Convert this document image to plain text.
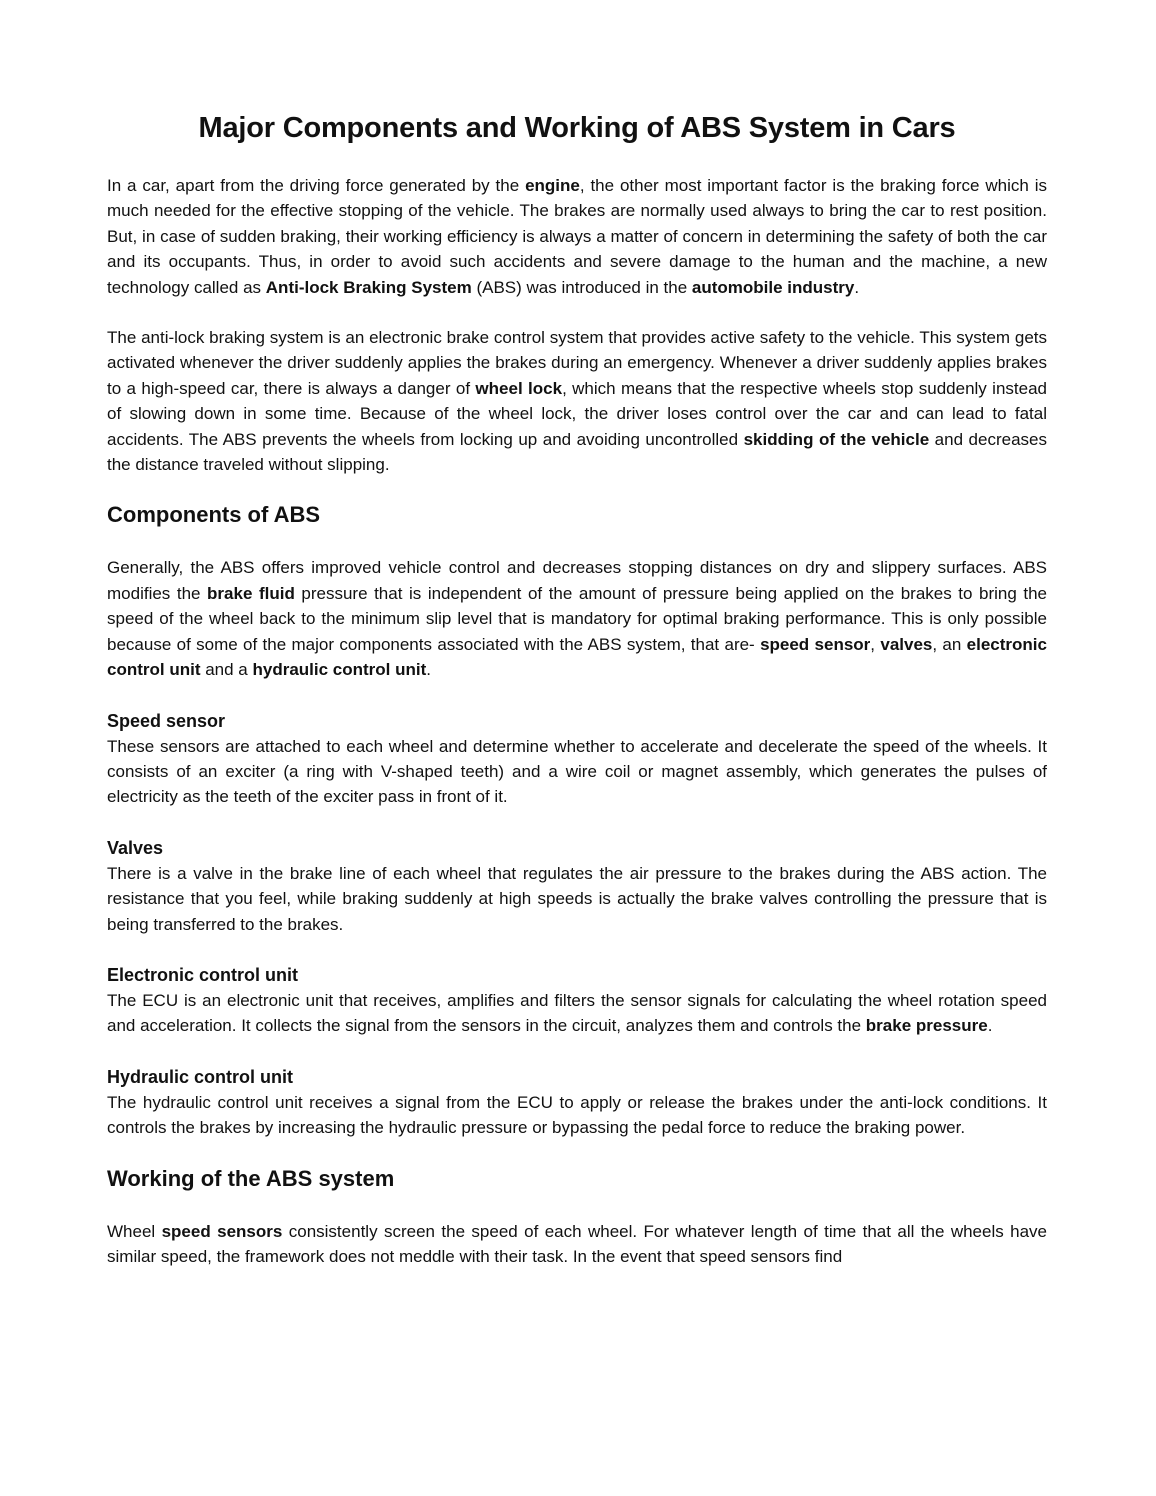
Major Components and Working of ABS System in Cars

In a car, apart from the driving force generated by the engine, the other most important factor is the braking force which is much needed for the effective stopping of the vehicle. The brakes are normally used always to bring the car to rest position. But, in case of sudden braking, their working efficiency is always a matter of concern in determining the safety of both the car and its occupants. Thus, in order to avoid such accidents and severe damage to the human and the machine, a new technology called as Anti-lock Braking System (ABS) was introduced in the automobile industry.

The anti-lock braking system is an electronic brake control system that provides active safety to the vehicle. This system gets activated whenever the driver suddenly applies the brakes during an emergency. Whenever a driver suddenly applies brakes to a high-speed car, there is always a danger of wheel lock, which means that the respective wheels stop suddenly instead of slowing down in some time. Because of the wheel lock, the driver loses control over the car and can lead to fatal accidents. The ABS prevents the wheels from locking up and avoiding uncontrolled skidding of the vehicle and decreases the distance traveled without slipping.

Components of ABS

Generally, the ABS offers improved vehicle control and decreases stopping distances on dry and slippery surfaces. ABS modifies the brake fluid pressure that is independent of the amount of pressure being applied on the brakes to bring the speed of the wheel back to the minimum slip level that is mandatory for optimal braking performance. This is only possible because of some of the major components associated with the ABS system, that are- speed sensor, valves, an electronic control unit and a hydraulic control unit.

Speed sensor

These sensors are attached to each wheel and determine whether to accelerate and decelerate the speed of the wheels. It consists of an exciter (a ring with V-shaped teeth) and a wire coil or magnet assembly, which generates the pulses of electricity as the teeth of the exciter pass in front of it.

Valves

There is a valve in the brake line of each wheel that regulates the air pressure to the brakes during the ABS action. The resistance that you feel, while braking suddenly at high speeds is actually the brake valves controlling the pressure that is being transferred to the brakes.

Electronic control unit

The ECU is an electronic unit that receives, amplifies and filters the sensor signals for calculating the wheel rotation speed and acceleration. It collects the signal from the sensors in the circuit, analyzes them and controls the brake pressure.

Hydraulic control unit

The hydraulic control unit receives a signal from the ECU to apply or release the brakes under the anti-lock conditions. It controls the brakes by increasing the hydraulic pressure or bypassing the pedal force to reduce the braking power.

Working of the ABS system

Wheel speed sensors consistently screen the speed of each wheel. For whatever length of time that all the wheels have similar speed, the framework does not meddle with their task. In the event that speed sensors find
